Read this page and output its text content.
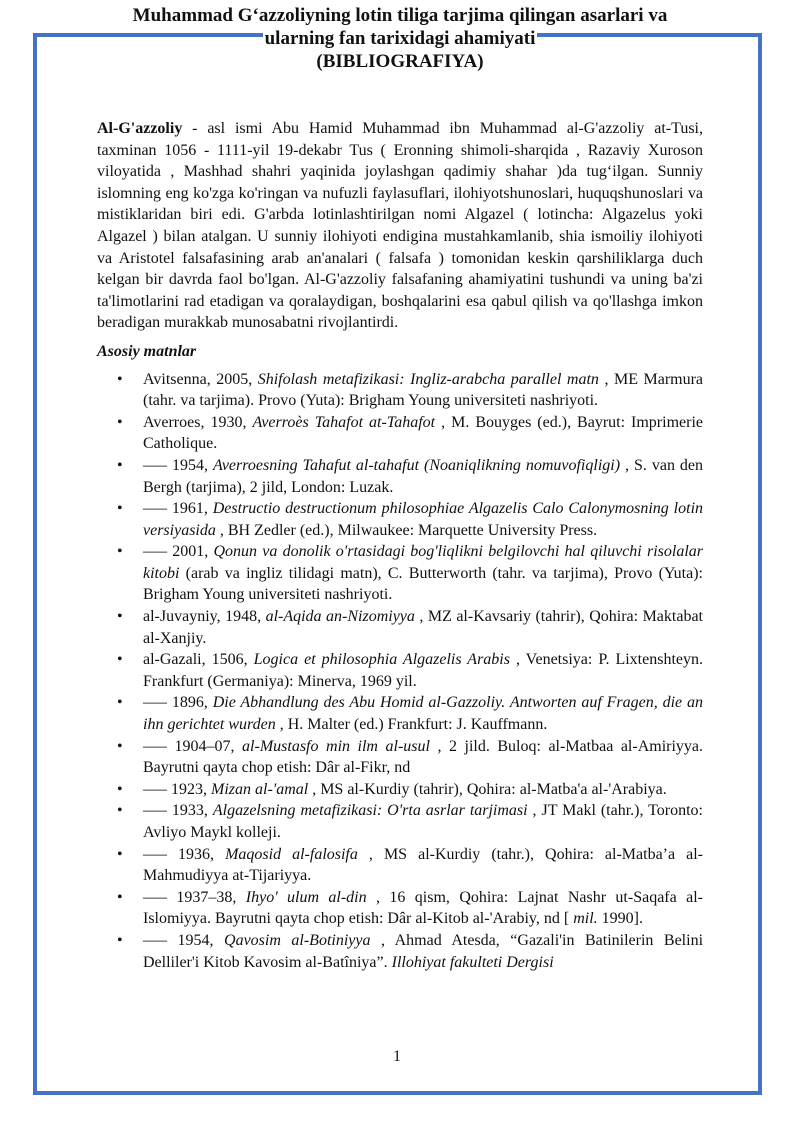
Muhammad G‘azzoliyning lotin tiligа tarjima qilingan asarlari va
ularning fan tarixidagi ahamiyati
(BIBLIOGRAFIYA)

Al-G'azzoliy - asl ismi Abu Hamid Muhammad ibn Muhammad al-G'azzoliy at-Tusi, taxminan 1056 - 1111-yil 19-dekabr Tus ( Eronning shimoli-sharqida , Razaviy Xuroson viloyatida , Mashhad shahri yaqinida joylashgan qadimiy shahar )da tug‘ilgan. Sunniy islomning eng ko'zga ko'ringan va nufuzli faylasuflari, ilohiyotshunoslari, huquqshunoslari va mistiklaridan biri edi. G'arbda lotinlashtirilgan nomi Algazel ( lotincha: Algazelus yoki Algazel ) bilan atalgan. U sunniy ilohiyoti endigina mustahkamlanib, shia ismoiliy ilohiyoti va Aristotel falsafasining arab an'analari ( falsafa ) tomonidan keskin qarshiliklarga duch kelgan bir davrda faol bo'lgan. Al-G'azzoliy falsafaning ahamiyatini tushundi va uning ba'zi ta'limotlarini rad etadigan va qoralaydigan, boshqalarini esa qabul qilish va qo'llashga imkon beradigan murakkab munosabatni rivojlantirdi.

Asosiy matnlar
• Avitsenna, 2005, Shifolash metafizikasi: Ingliz-arabcha parallel matn , ME Marmura (tahr. va tarjima). Provo (Yuta): Brigham Young universiteti nashriyoti.
• Averroes, 1930, Averroès Tahafot at-Tahafot , M. Bouyges (ed.), Bayrut: Imprimerie Catholique.
• ––– 1954, Averroesning Tahafut al-tahafut (Noaniqlikning nomuvofiqligi) , S. van den Bergh (tarjima), 2 jild, London: Luzak.
• ––– 1961, Destructio destructionum philosophiae Algazelis Calo Calonymosning lotin versiyasida , BH Zedler (ed.), Milwaukee: Marquette University Press.
• ––– 2001, Qonun va donolik o'rtasidagi bog'liqlikni belgilovchi hal qiluvchi risolalar kitobi (arab va ingliz tilidagi matn), C. Butterworth (tahr. va tarjima), Provo (Yuta): Brigham Young universiteti nashriyoti.
• al-Juvayniy, 1948, al-Aqida an-Nizomiyya , MZ al-Kavsariy (tahrir), Qohira: Maktabat al-Xanjiy.
• al-Gazali, 1506, Logica et philosophia Algazelis Arabis , Venetsiya: P. Lixtenshteyn. Frankfurt (Germaniya): Minerva, 1969 yil.
• ––– 1896, Die Abhandlung des Abu Homid al-Gazzoliy. Antworten auf Fragen, die an ihn gerichtet wurden , H. Malter (ed.) Frankfurt: J. Kauffmann.
• ––– 1904–07, al-Mustasfo min ilm al-usul , 2 jild. Buloq: al-Matbaa al-Amiriyya. Bayrutni qayta chop etish: Dâr al-Fikr, nd
• ––– 1923, Mizan al-'amal , MS al-Kurdiy (tahrir), Qohira: al-Matba'a al-'Arabiya.
• ––– 1933, Algazelsning metafizikasi: O'rta asrlar tarjimasi , JT Makl (tahr.), Toronto: Avliyo Maykl kolleji.
• ––– 1936, Maqosid al-falosifa , MS al-Kurdiy (tahr.), Qohira: al-Matba’a al-Mahmudiyya at-Tijariyya.
• ––– 1937–38, Ihyo' ulum al-din , 16 qism, Qohira: Lajnat Nashr ut-Saqafa al-Islomiyya. Bayrutni qayta chop etish: Dâr al-Kitob al-'Arabiy, nd [ mil. 1990].
• ––– 1954, Qavosim al-Botiniyya , Ahmad Atesda, “Gazali'in Batinilerin Belini Delliler'i Kitob Kavosim al-Batîniya”. Illohiyat fakulteti Dergisi
1
